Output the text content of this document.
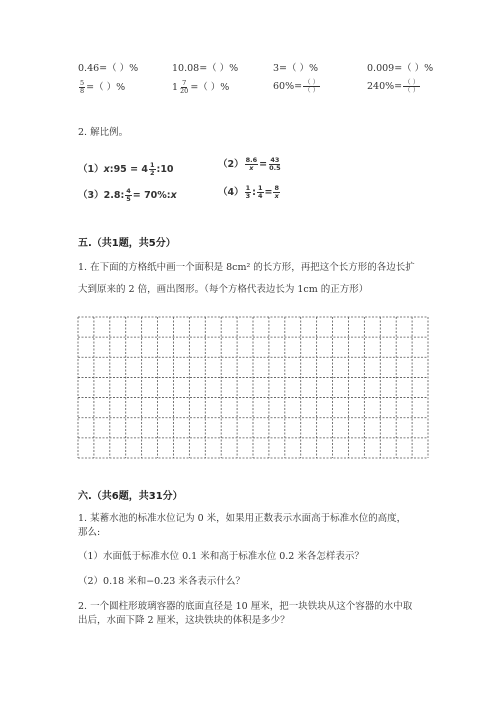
0.46=（ ）%	10.08=（ ）%	3=（ ）%	0.009=（ ）%
$\frac{5}{8}$ =（ ）%	$1 \frac{7}{20}$ =（ ）%	$60\%= \frac{( )}{( )}$	$240\%= \frac{( )}{( )}$
2. 解比例。
（1）x:95 = $4 \frac{1}{2}$ :10	$(2) \frac{8.6}{x} = \frac{43}{0.5}$
（3）2.8: $\frac{4}{5}$ = 70%:x	$(4) \frac{1}{3}$ : $\frac{1}{4} = \frac{8}{x}$
五.（共1题，共5分）
1. 在下面的方格纸中画一个面积是 8cm² 的长方形，再把这个长方形的各边长扩
大到原来的 2 倍，画出图形。（每个方格代表边长为 1cm 的正方形）
六.（共6题，共31分）
1. 某蓄水池的标准水位记为 0 米，如果用正数表示水面高于标准水位的高度，
那么:
（1）水面低于标准水位 0.1 米和高于标准水位 0.2 米各怎样表示？
（2）0.18 米和−0.23 米各表示什么？
2. 一个圆柱形玻璃容器的底面直径是 10 厘米，把一块铁块从这个容器的水中取
出后，水面下降 2 厘米，这块铁块的体积是多少？
